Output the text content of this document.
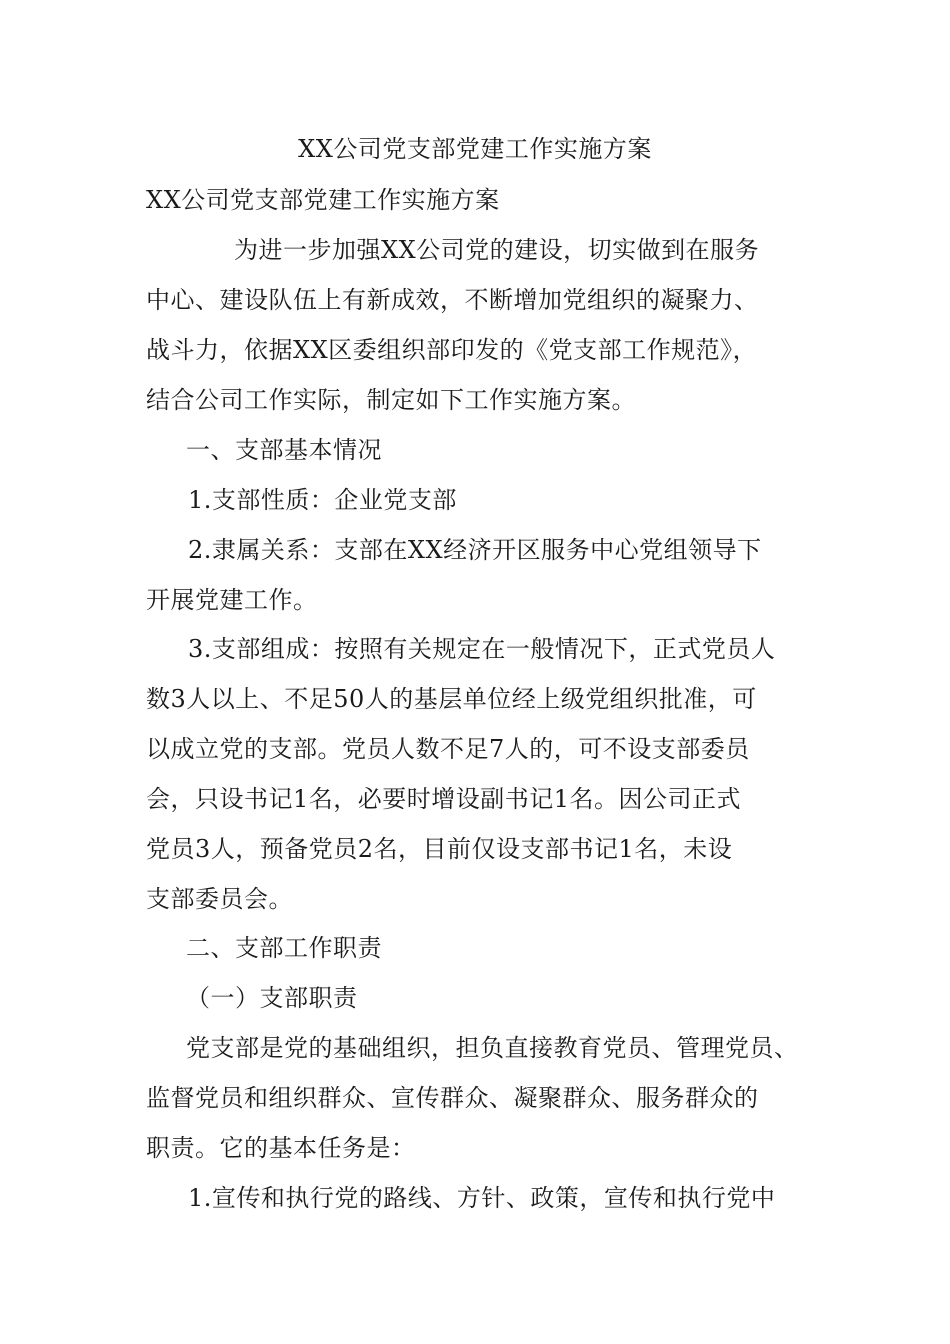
XX公司党支部党建工作实施方案
XX公司党支部党建工作实施方案
为进一步加强XX公司党的建设，切实做到在服务
中心、建设队伍上有新成效，不断增加党组织的凝聚力、
战斗力，依据XX区委组织部印发的《党支部工作规范》，
结合公司工作实际，制定如下工作实施方案。
一、支部基本情况
1.支部性质：企业党支部
2.隶属关系：支部在XX经济开区服务中心党组领导下
开展党建工作。
3.支部组成：按照有关规定在一般情况下，正式党员人
数3人以上、不足50人的基层单位经上级党组织批准，可
以成立党的支部。党员人数不足7人的，可不设支部委员
会，只设书记1名，必要时增设副书记1名。因公司正式
党员3人，预备党员2名，目前仅设支部书记1名，未设
支部委员会。
二、支部工作职责
（一）支部职责
党支部是党的基础组织，担负直接教育党员、管理党员、
监督党员和组织群众、宣传群众、凝聚群众、服务群众的
职责。它的基本任务是：
1.宣传和执行党的路线、方针、政策，宣传和执行党中
